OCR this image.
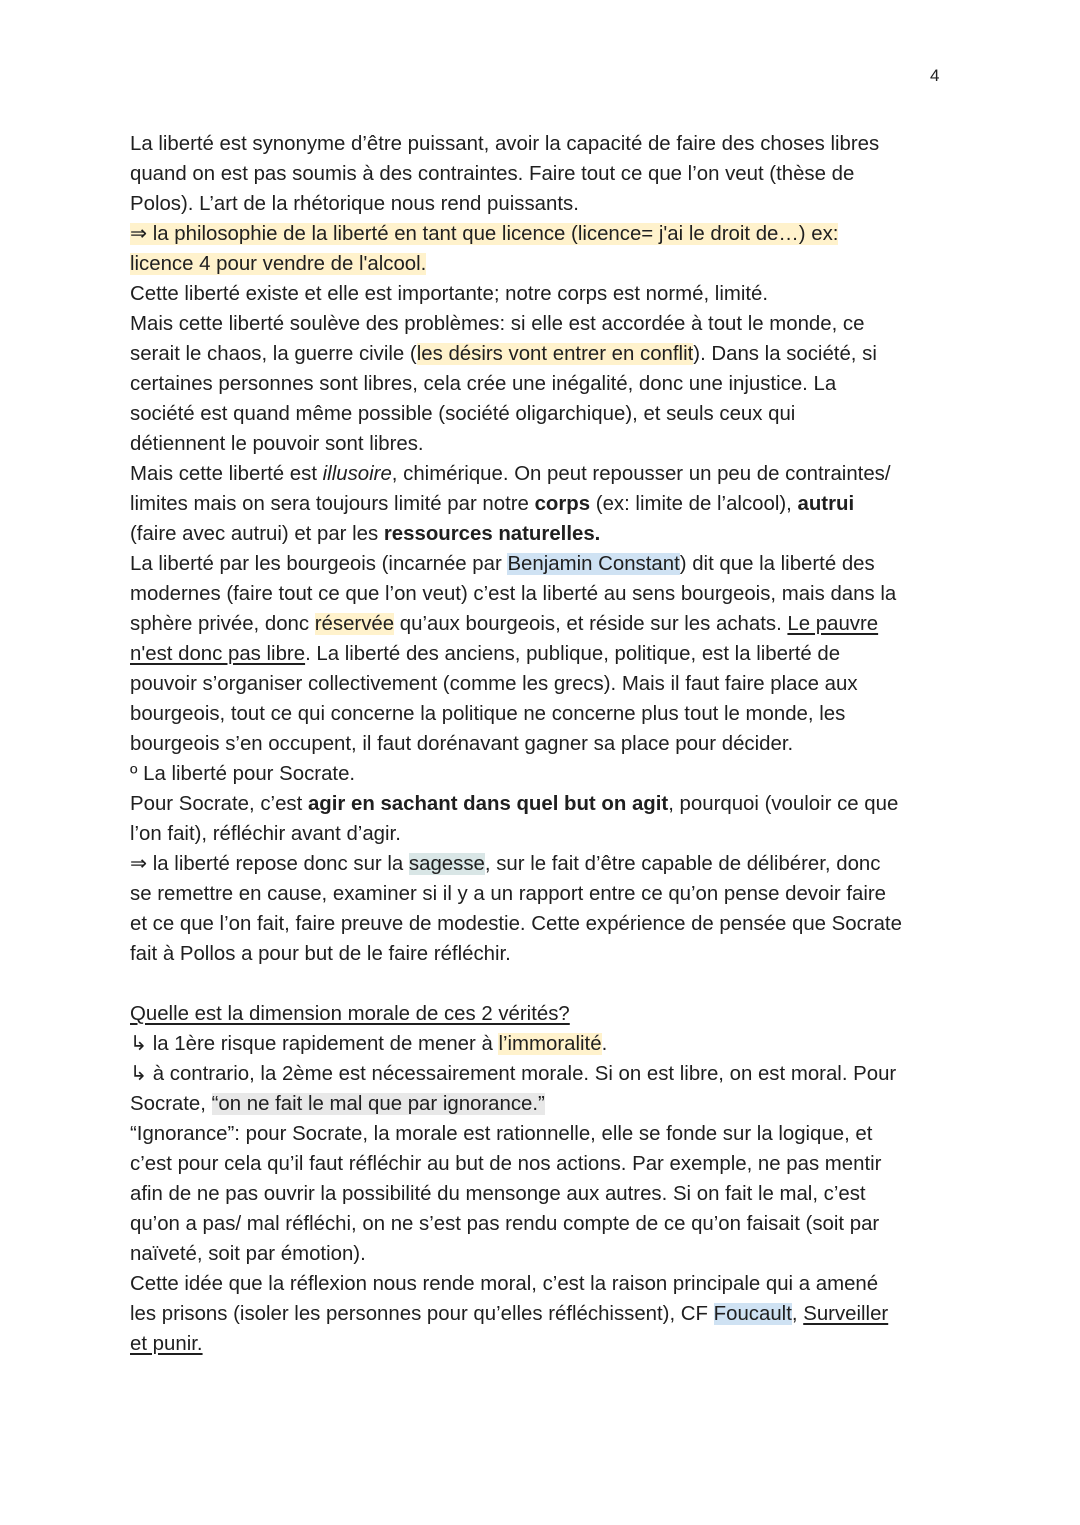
4
La liberté est synonyme d’être puissant, avoir la capacité de faire des choses libres
quand on est pas soumis à des contraintes. Faire tout ce que l’on veut (thèse de
Polos). L’art de la rhétorique nous rend puissants.
⇒ la philosophie de la liberté en tant que licence (licence= j'ai le droit de…) ex:
licence 4 pour vendre de l'alcool.
Cette liberté existe et elle est importante; notre corps est normé, limité.
Mais cette liberté soulève des problèmes: si elle est accordée à tout le monde, ce
serait le chaos, la guerre civile (les désirs vont entrer en conflit). Dans la société, si
certaines personnes sont libres, cela crée une inégalité, donc une injustice. La
société est quand même possible (société oligarchique), et seuls ceux qui
détiennent le pouvoir sont libres.
Mais cette liberté est illusoire, chimérique. On peut repousser un peu de contraintes/
limites mais on sera toujours limité par notre corps (ex: limite de l’alcool), autrui
(faire avec autrui) et par les ressources naturelles.
La liberté par les bourgeois (incarnée par Benjamin Constant) dit que la liberté des
modernes (faire tout ce que l’on veut) c’est la liberté au sens bourgeois, mais dans la
sphère privée, donc réservée qu’aux bourgeois, et réside sur les achats. Le pauvre
n'est donc pas libre. La liberté des anciens, publique, politique, est la liberté de
pouvoir s’organiser collectivement (comme les grecs). Mais il faut faire place aux
bourgeois, tout ce qui concerne la politique ne concerne plus tout le monde, les
bourgeois s’en occupent, il faut dorénavant gagner sa place pour décider.
º La liberté pour Socrate.
Pour Socrate, c’est agir en sachant dans quel but on agit, pourquoi (vouloir ce que
l’on fait), réfléchir avant d’agir.
⇒ la liberté repose donc sur la sagesse, sur le fait d’être capable de délibérer, donc
se remettre en cause, examiner si il y a un rapport entre ce qu’on pense devoir faire
et ce que l’on fait, faire preuve de modestie. Cette expérience de pensée que Socrate
fait à Pollos a pour but de le faire réfléchir.
Quelle est la dimension morale de ces 2 vérités?
↳ la 1ère risque rapidement de mener à l’immoralité.
↳ à contrario, la 2ème est nécessairement morale. Si on est libre, on est moral. Pour
Socrate, “on ne fait le mal que par ignorance.”
“Ignorance”: pour Socrate, la morale est rationnelle, elle se fonde sur la logique, et
c’est pour cela qu’il faut réfléchir au but de nos actions. Par exemple, ne pas mentir
afin de ne pas ouvrir la possibilité du mensonge aux autres. Si on fait le mal, c’est
qu’on a pas/ mal réfléchi, on ne s’est pas rendu compte de ce qu’on faisait (soit par
naïveté, soit par émotion).
Cette idée que la réflexion nous rende moral, c’est la raison principale qui a amené
les prisons (isoler les personnes pour qu’elles réfléchissent), CF Foucault, Surveiller
et punir.
